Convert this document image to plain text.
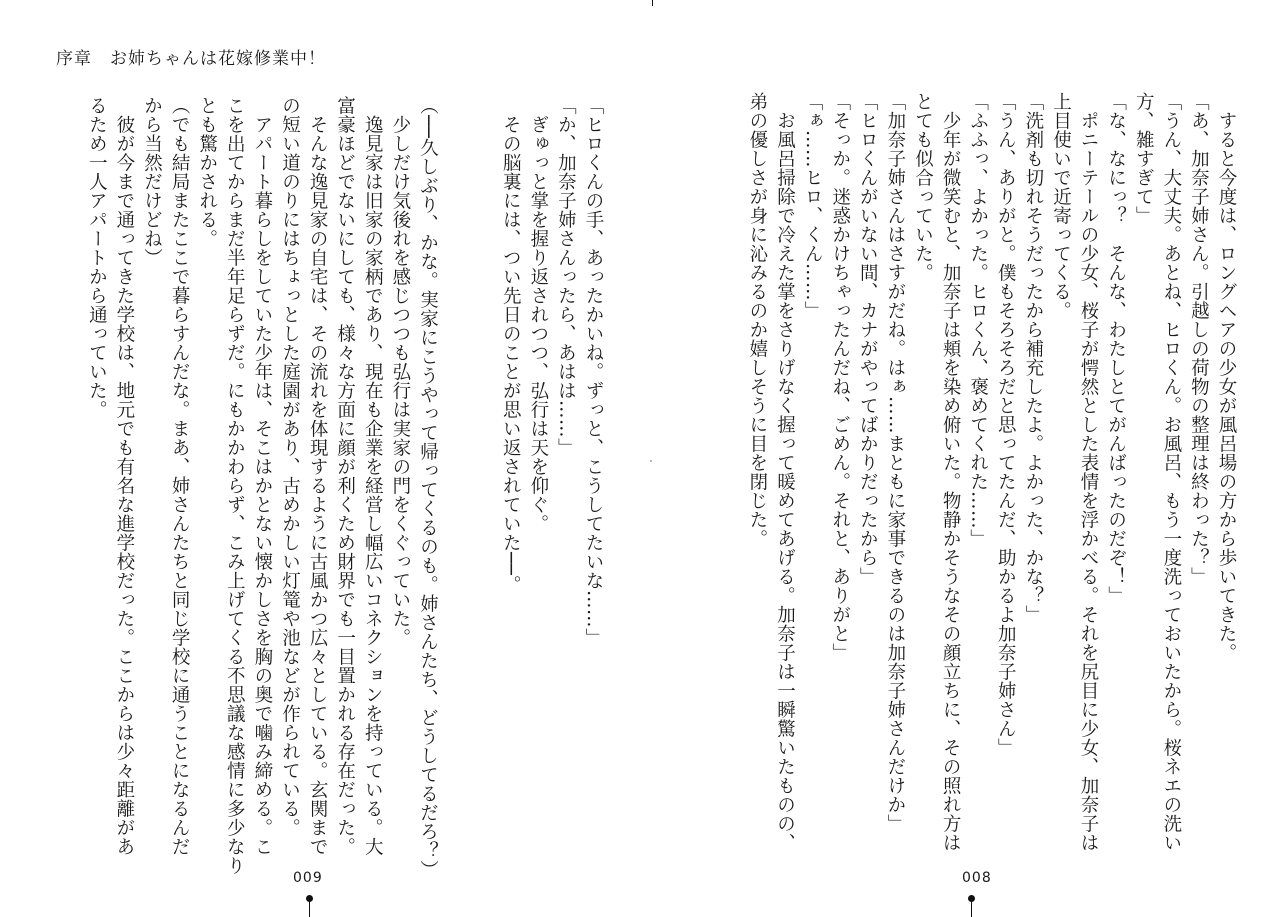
序章　お姉ちゃんは花嫁修業中！
「ヒロくんの手、あったかいね。ずっと、こうしてたいな……」
「か、加奈子姉さんったら、あはは……」
　ぎゅっと掌を握り返されつつ、弘行は天を仰ぐ。
　その脳裏には、つい先日のことが思い返されていた──。

（──久しぶり、かな。実家にこうやって帰ってくるのも。姉さんたち、どうしてるだろ？）
　少しだけ気後れを感じつつも弘行は実家の門をくぐっていた。
　逸見家は旧家の家柄であり、現在も企業を経営し幅広いコネクションを持っている。大
富豪ほどでないにしても、様々な方面に顔が利くため財界でも一目置かれる存在だった。
　そんな逸見家の自宅は、その流れを体現するように古風かつ広々としている。玄関まで
の短い道のりにはちょっとした庭園があり、古めかしい灯篭や池などが作られている。
　アパート暮らしをしていた少年は、そこはかとない懐かしさを胸の奥で噛み締める。こ
こを出てからまだ半年足らずだ。にもかかわらず、こみ上げてくる不思議な感情に多少なり
とも驚かされる。
（でも結局またここで暮らすんだな。まあ、姉さんたちと同じ学校に通うことになるんだ
から当然だけどね）
　彼が今まで通ってきた学校は、地元でも有名な進学校だった。ここからは少々距離があ
るため一人アパートから通っていた。
009
　すると今度は、ロングヘアの少女が風呂場の方から歩いてきた。
「あ、加奈子姉さん。引越しの荷物の整理は終わった？」
「うん、大丈夫。あとね、ヒロくん。お風呂、もう一度洗っておいたから。桜ネエの洗い
方、雑すぎて」
「な、なにっ？　そんな、わたしとてがんばったのだぞ！」
　ポニーテールの少女、桜子が愕然とした表情を浮かべる。それを尻目に少女、加奈子は
上目使いで近寄ってくる。
「洗剤も切れそうだったから補充したよ。よかった、かな？」
「うん、ありがと。僕もそろそろだと思ってたんだ、助かるよ加奈子姉さん」
「ふふっ、よかった。ヒロくん、褒めてくれた……」
　少年が微笑むと、加奈子は頬を染め俯いた。物静かそうなその顔立ちに、その照れ方は
とても似合っていた。
「加奈子姉さんはさすがだね。はぁ……まともに家事できるのは加奈子姉さんだけか」
「ヒロくんがいない間、カナがやってばかりだったから」
「そっか。迷惑かけちゃったんだね、ごめん。それと、ありがと」
「ぁ……ヒロ、くん……」
　お風呂掃除で冷えた掌をさりげなく握って暖めてあげる。加奈子は一瞬驚いたものの、
弟の優しさが身に沁みるのか嬉しそうに目を閉じた。
008
